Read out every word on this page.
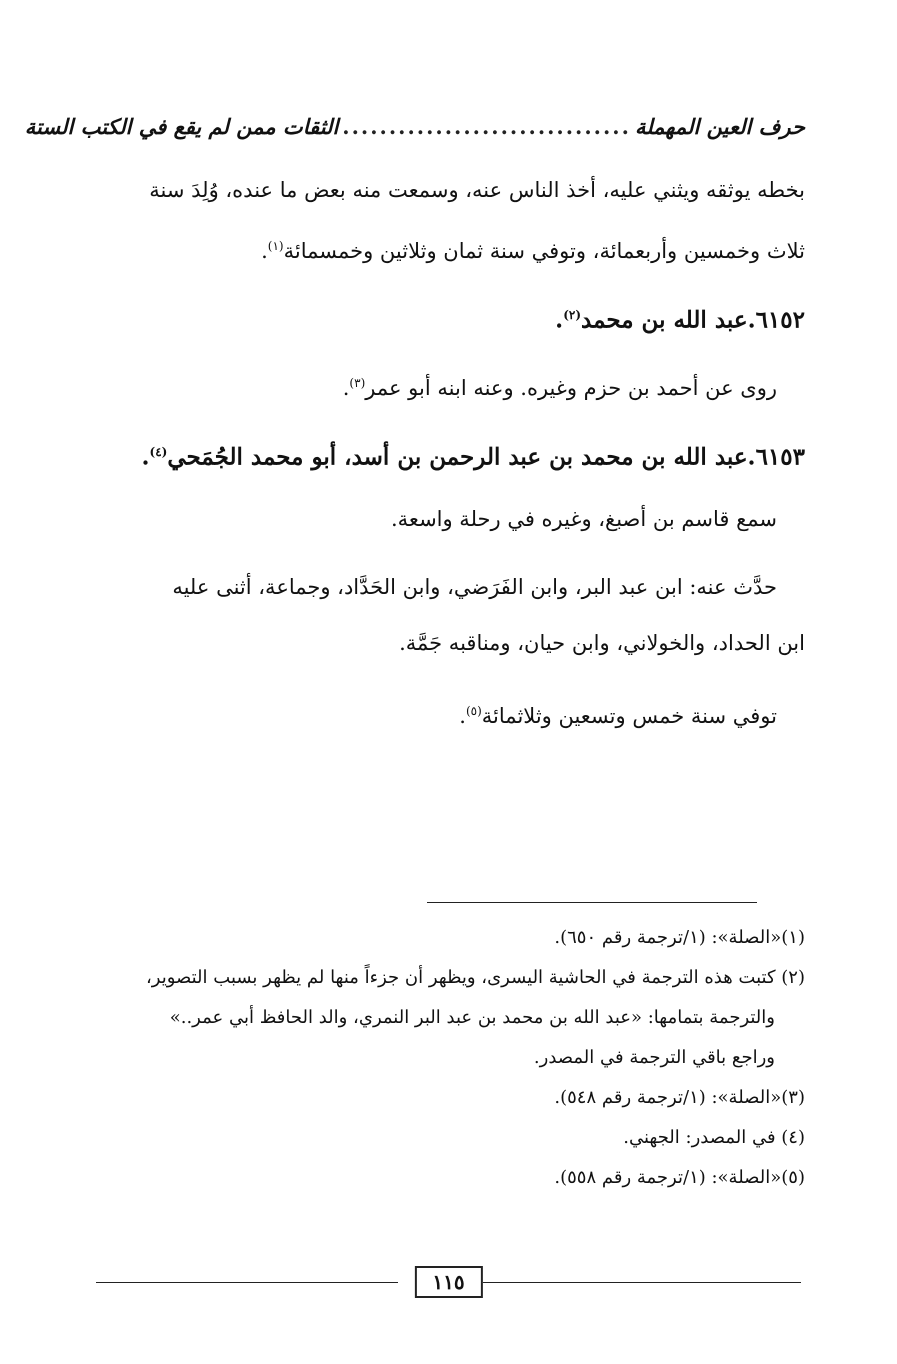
حرف العين المهملة
...............................
الثقات ممن لم يقع في الكتب الستة

بخطه يوثقه ويثني عليه، أخذ الناس عنه، وسمعت منه بعض ما عنده، وُلِدَ سنة

ثلاث وخمسين وأربعمائة، وتوفي سنة ثمان وثلاثين وخمسمائة$^{(١)}$.

٦١٥٢.عبد الله بن محمد$^{(٢)}$.

روى عن أحمد بن حزم وغيره. وعنه ابنه أبو عمر$^{(٣)}$.

٦١٥٣.عبد الله بن محمد بن عبد الرحمن بن أسد، أبو محمد الجُمَحي$^{(٤)}$.

سمع قاسم بن أصبغ، وغيره في رحلة واسعة.

حدَّث عنه: ابن عبد البر، وابن الفَرَضي، وابن الحَدَّاد، وجماعة، أثنى عليه

ابن الحداد، والخولاني، وابن حيان، ومناقبه جَمَّة.

توفي سنة خمس وتسعين وثلاثمائة$^{(٥)}$.

(١)«الصلة»: (١/ترجمة رقم ٦٥٠).

(٢) كتبت هذه الترجمة في الحاشية اليسرى، ويظهر أن جزءاً منها لم يظهر بسبب التصوير،

والترجمة بتمامها: «عبد الله بن محمد بن عبد البر النمري، والد الحافظ أبي عمر..»

وراجع باقي الترجمة في المصدر.

(٣)«الصلة»: (١/ترجمة رقم ٥٤٨).

(٤) في المصدر: الجهني.

(٥)«الصلة»: (١/ترجمة رقم ٥٥٨).

١١٥
